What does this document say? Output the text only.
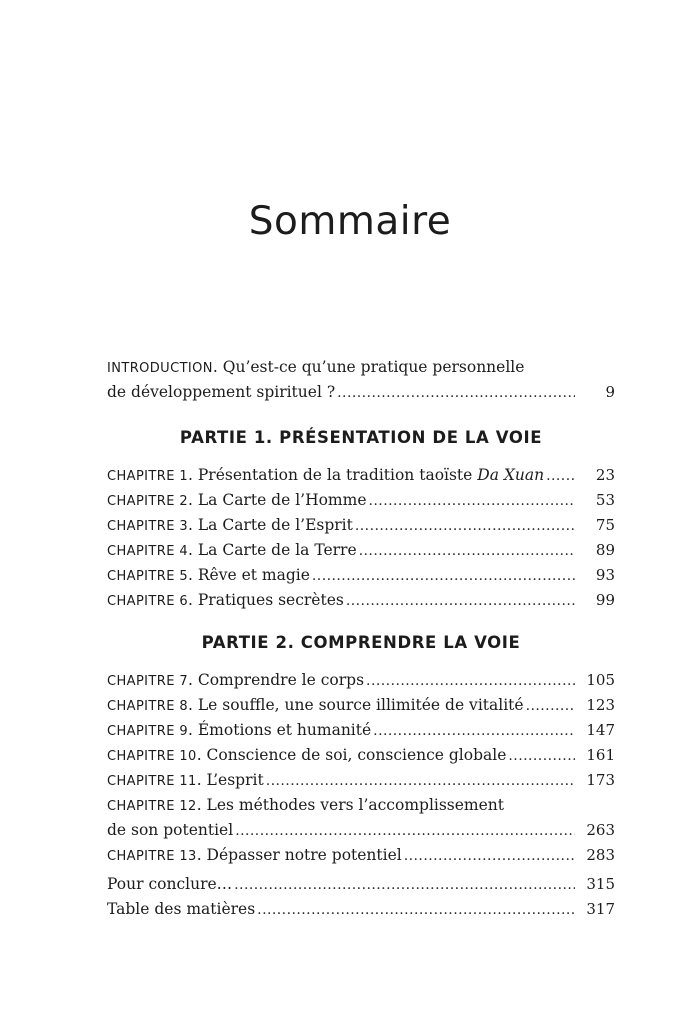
Sommaire
INTRODUCTION. Qu’est-ce qu’une pratique personnelle
de développement spirituel ? . . .	9
PARTIE 1. PRÉSENTATION DE LA VOIE
CHAPITRE 1 . Présentation de la tradition taoïste Da Xuan . . .	23
CHAPITRE 2 . La Carte de l’Homme . . .	53
CHAPITRE 3 . La Carte de l’Esprit . . .	75
CHAPITRE 4 . La Carte de la Terre . . .	89
CHAPITRE 5 . Rêve et magie . . .	93
CHAPITRE 6 . Pratiques secrètes . . .	99
PARTIE 2. COMPRENDRE LA VOIE
CHAPITRE 7 . Comprendre le corps . . .	105
CHAPITRE 8 . Le souffle, une source illimitée de vitalité . . .	123
CHAPITRE 9 . Émotions et humanité . . .	147
CHAPITRE 10 . Conscience de soi, conscience globale . . .	161
CHAPITRE 11 . L’esprit . . .	173
CHAPITRE 12. Les méthodes vers l’accomplissement
de son potentiel . . .	263
CHAPITRE 13 . Dépasser notre potentiel . . .	283
Pour conclure… . . .	315
Table des matières . . .	317
